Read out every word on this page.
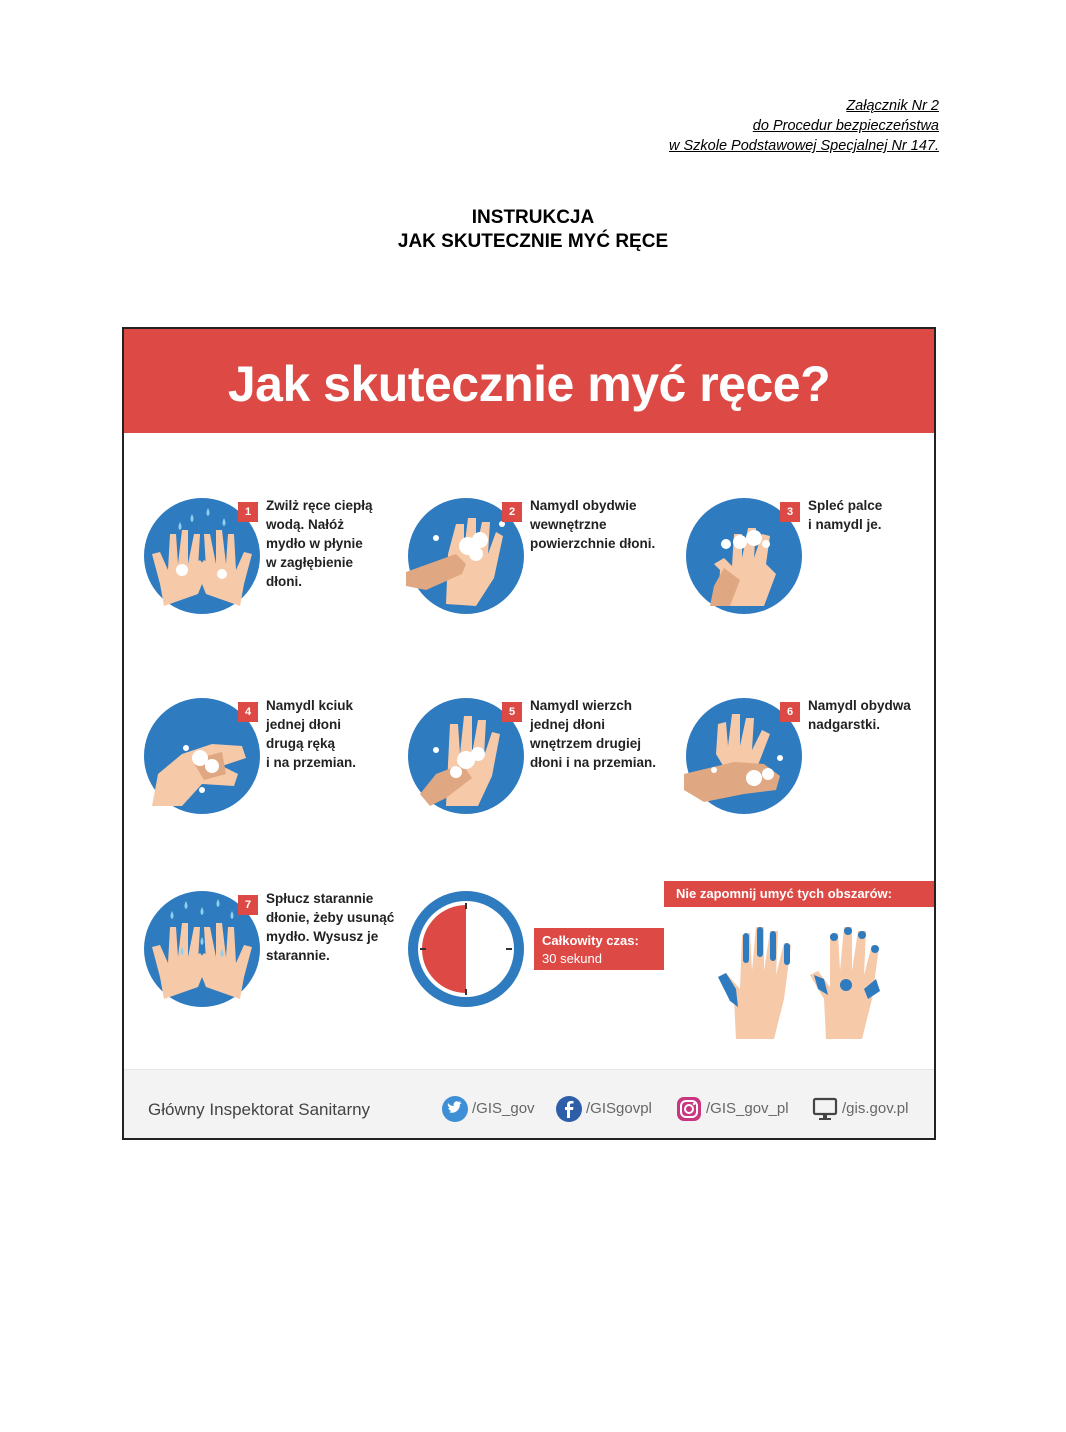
Załącznik Nr 2
do Procedur bezpieczeństwa
w Szkole Podstawowej Specjalnej Nr 147.
INSTRUKCJA
JAK SKUTECZNIE MYĆ RĘCE
Jak skutecznie myć ręce?
1	Zwilż ręce ciepłą
wodą. Nałóż
mydło w płynie
w zagłębienie
dłoni.
2	Namydl obydwie
wewnętrzne
powierzchnie dłoni.
3	Spleć palce
i namydl je.
4	Namydl kciuk
jednej dłoni
drugą ręką
i na przemian.
5	Namydl wierzch
jednej dłoni
wnętrzem drugiej
dłoni i na przemian.
6	Namydl obydwa
nadgarstki.
7	Spłucz starannie
dłonie, żeby usunąć
mydło. Wysusz je
starannie.
Całkowity czas:
30 sekund
Nie zapomnij umyć tych obszarów:
Główny Inspektorat Sanitarny	/GIS_gov	/GISgovpl	/GIS_gov_pl	/gis.gov.pl
